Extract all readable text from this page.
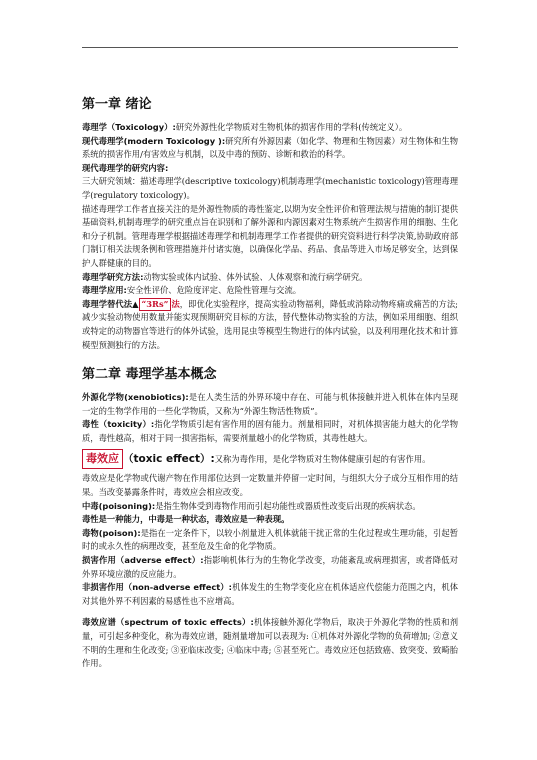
第一章 绪论

毒理学（Toxicology）:研究外源性化学物质对生物机体的损害作用的学科(传统定义）。

现代毒理学(modern Toxicology ):研究所有外源因素（如化学、物理和生物因素）对生物体和生物系统的损害作用/有害效应与机制，以及中毒的预防、诊断和救治的科学。

现代毒理学的研究内容:

三大研究领域：描述毒理学(descriptive toxicology)机制毒理学(mechanistic toxicology)管理毒理学(regulatory toxicology)。

描述毒理学工作者直接关注的是外源性物质的毒性鉴定,以期为安全性评价和管理法规与措施的制订提供基础资料,机制毒理学的研究重点旨在识别和了解外源和内源因素对生物系统产生损害作用的细胞、生化和分子机制。管理毒理学根据描述毒理学和机制毒理学工作者提供的研究资料进行科学决策,协助政府部门制订相关法规条例和管理措施并付诸实施，以确保化学品、药品、食品等进入市场足够安全，达到保护人群健康的目的。

毒理学研究方法:动物实验或体内试验、体外试验、人体观察和流行病学研究。

毒理学应用:安全性评价、危险度评定、危险性管理与交流。

毒理学替代法▲ “3Rs” 法，即优化实验程序，提高实验动物福利，降低或消除动物疼痛或痛苦的方法; 减少实验动物使用数量并能实现预期研究目标的方法，替代整体动物实验的方法，例如采用细胞、组织或特定的动物器官等进行的体外试验，选用昆虫等模型生物进行的体内试验，以及利用理化技术和计算模型预测独行的方法。

第二章 毒理学基本概念

外源化学物(xenobiotics):是在人类生活的外界环境中存在、可能与机体接触并进入机体在体内呈现一定的生物学作用的一些化学物质，又称为“外源生物活性物质”。

毒性（toxicity）:指化学物质引起有害作用的固有能力。剂量相同时，对机体损害能力越大的化学物质，毒性越高，相对于同一损害指标，需要剂量越小的化学物质，其毒性越大。

毒效应 （toxic effect）:又称为毒作用，是化学物质对生物体健康引起的有害作用。

毒效应是化学物或代谢产物在作用部位达到一定数量并停留一定时间，与组织大分子成分互相作用的结果。当改变暴露条件时，毒效应会相应改变。

中毒(poisoning):是指生物体受到毒物作用而引起功能性或器质性改变后出现的疾病状态。

毒性是一种能力，中毒是一种状态，毒效应是一种表现。

毒物(poison):是指在一定条件下，以较小剂量进入机体就能干扰正常的生化过程或生理功能，引起暂时的或永久性的病理改变，甚至危及生命的化学物质。

损害作用（adverse effect）:指影响机体行为的生物化学改变，功能紊乱或病理损害，或者降低对外界环境应激的反应能力。

非损害作用（non-adverse effect）:机体发生的生物学变化应在机体适应代偿能力范围之内，机体对其他外界不利因素的易感性也不应增高。

毒效应谱（spectrum of toxic effects）:机体接触外源化学物后，取决于外源化学物的性质和剂量，可引起多种变化，称为毒效应谱，随剂量增加可以表现为: ①机体对外源化学物的负荷增加; ②意义不明的生理和生化改变; ③亚临床改变; ④临床中毒; ⑤甚至死亡。毒效应还包括致癌、致突变、致畸胎作用。
